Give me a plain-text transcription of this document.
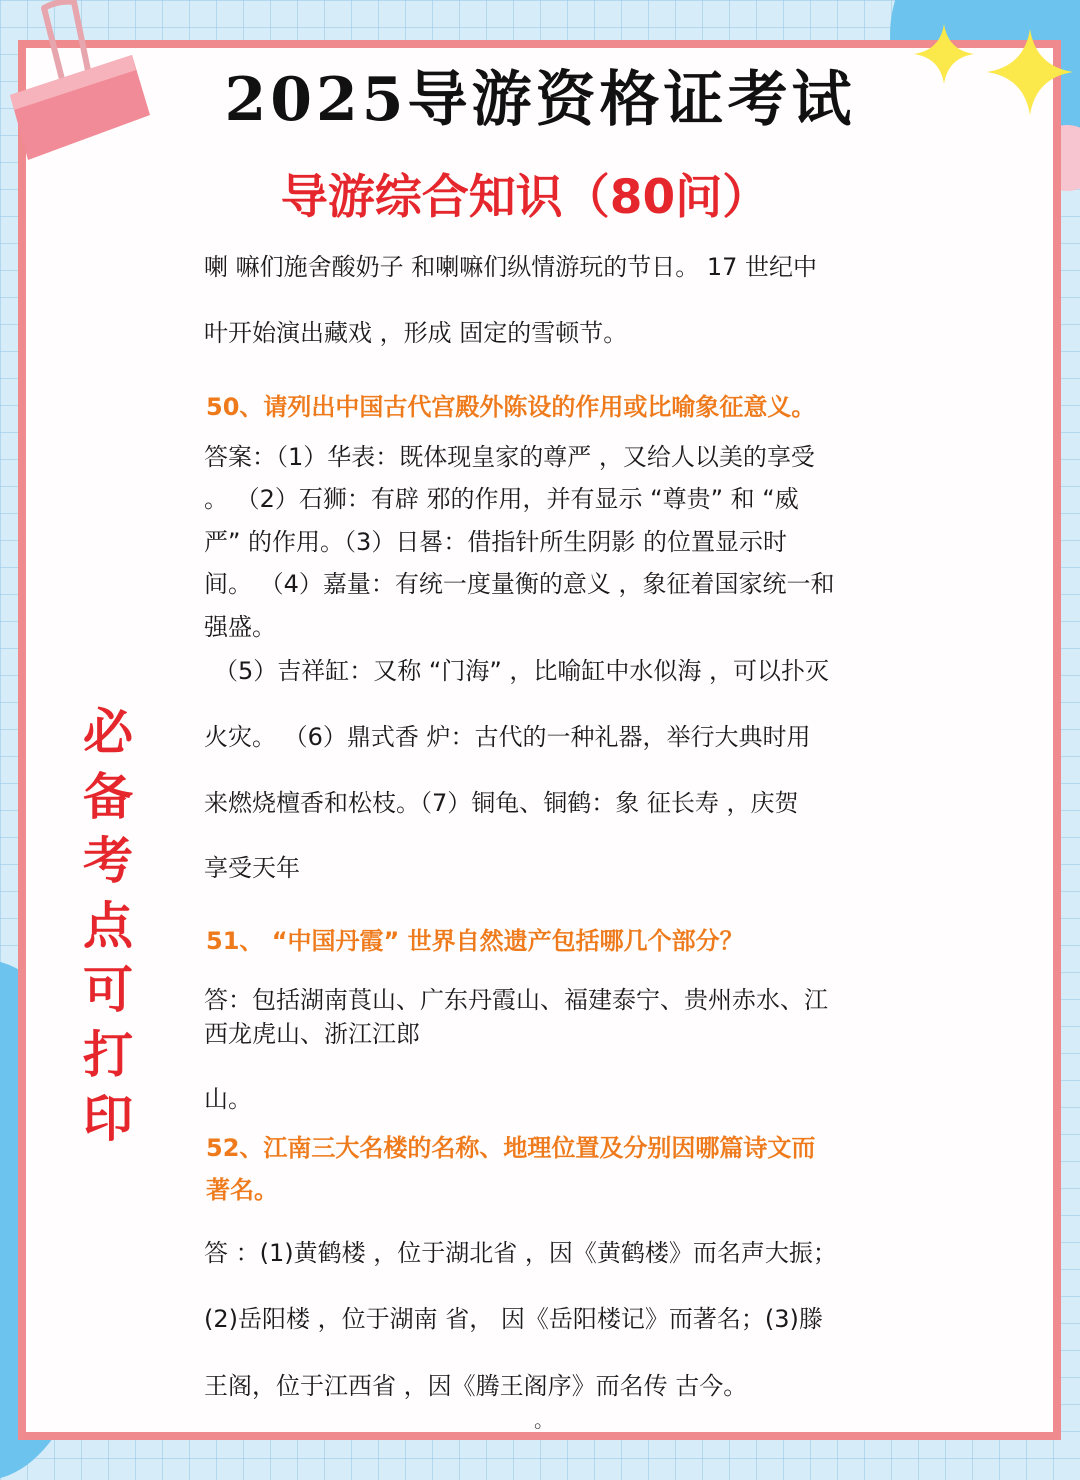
2025导游资格证考试
导游综合知识（80问）
必
备
考
点
可
打
印
喇 嘛们施舍酸奶子 和喇嘛们纵情游玩的节日。 17 世纪中
叶开始演出藏戏 ，形成 固定的雪顿节。
50、请列出中国古代宫殿外陈设的作用或比喻象征意义。
答案：（1）华表：既体现皇家的尊严 ，又给人以美的享受
。 （2）石狮：有辟 邪的作用，并有显示 “尊贵” 和 “威
严” 的作用。（3）日晷：借指针所生阴影 的位置显示时
间。 （4）嘉量：有统一度量衡的意义 ，象征着国家统一和
强盛。
（5）吉祥缸：又称 “门海” ，比喻缸中水似海 ，可以扑灭
火灾。 （6）鼎式香 炉：古代的一种礼器，举行大典时用
来燃烧檀香和松枝。（7）铜龟、铜鹤：象 征长寿 ，庆贺
享受天年
51、 “中国丹霞” 世界自然遗产包括哪几个部分？
答：包括湖南莨山、广东丹霞山、福建泰宁、贵州赤水、江
西龙虎山、浙江江郎
山。
52、江南三大名楼的名称、地理位置及分别因哪篇诗文而
著名。
答 ：(1)黄鹤楼 ，位于湖北省 ，因《黄鹤楼》而名声大振；
(2)岳阳楼 ，位于湖南 省， 因《岳阳楼记》而著名；(3)滕
王阁，位于江西省 ，因《腾王阁序》而名传 古今。
。
